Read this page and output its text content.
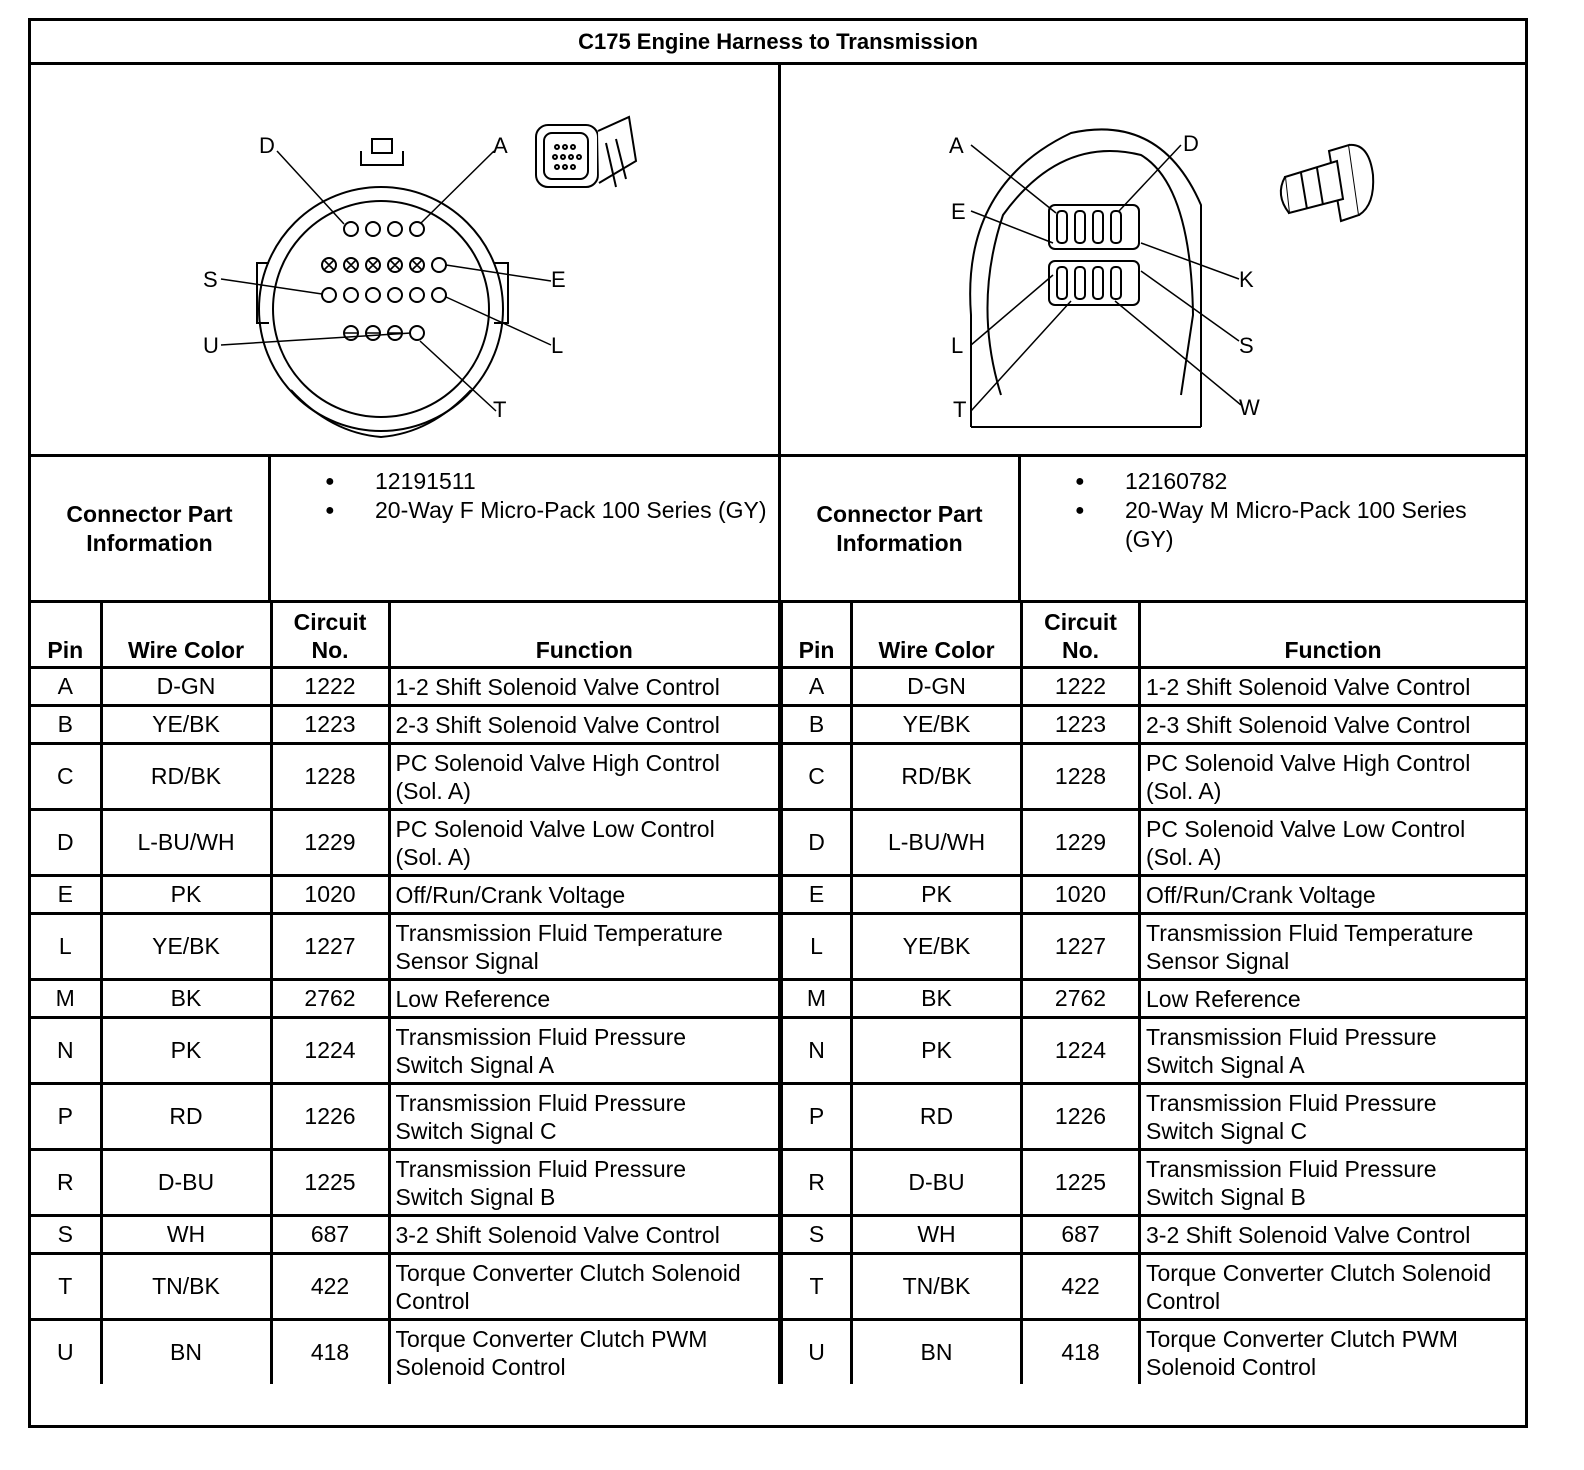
C175 Engine Harness to Transmission
D	A
S	E
U	L
T
A	D
E
K
S
L
T	W
Connector Part
Information
● 12191511
● 20-Way F Micro-Pack 100 Series (GY) Connector Part
Information
● 12160782
● 20-Way M Micro-Pack 100 Series (GY)
Pin	Wire Color	Circuit
No.	Function
A	D-GN	1222	1-2 Shift Solenoid Valve Control

B	YE/BK	1223	2-3 Shift Solenoid Valve Control

C	RD/BK	1228	PC Solenoid Valve High Control
(Sol. A)

D	L-BU/WH	1229	PC Solenoid Valve Low Control
(Sol. A)

E	PK	1020	Off/Run/Crank Voltage

L	YE/BK	1227	Transmission Fluid Temperature
Sensor Signal

M	BK	2762	Low Reference

N	PK	1224	Transmission Fluid Pressure
Switch Signal A

P	RD	1226	Transmission Fluid Pressure
Switch Signal C

R	D-BU	1225	Transmission Fluid Pressure
Switch Signal B

S	WH	687	3-2 Shift Solenoid Valve Control

T	TN/BK	422	Torque Converter Clutch Solenoid
Control

U	BN	418	Torque Converter Clutch PWM
Solenoid Control
Pin	Wire Color	Circuit
No.	Function
A	D-GN	1222	1-2 Shift Solenoid Valve Control

B	YE/BK	1223	2-3 Shift Solenoid Valve Control

C	RD/BK	1228	PC Solenoid Valve High Control
(Sol. A)

D	L-BU/WH	1229	PC Solenoid Valve Low Control
(Sol. A)

E	PK	1020	Off/Run/Crank Voltage

L	YE/BK	1227	Transmission Fluid Temperature
Sensor Signal

M	BK	2762	Low Reference

N	PK	1224	Transmission Fluid Pressure
Switch Signal A

P	RD	1226	Transmission Fluid Pressure
Switch Signal C

R	D-BU	1225	Transmission Fluid Pressure
Switch Signal B

S	WH	687	3-2 Shift Solenoid Valve Control

T	TN/BK	422	Torque Converter Clutch Solenoid
Control

U	BN	418	Torque Converter Clutch PWM
Solenoid Control
